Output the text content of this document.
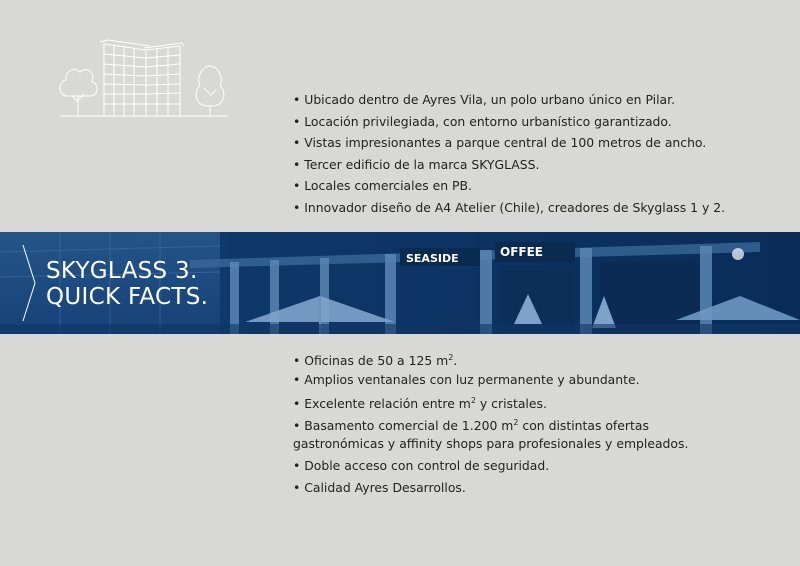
• Ubicado dentro de Ayres Vila, un polo urbano único en Pilar.
• Locación privilegiada, con entorno urbanístico garantizado.
• Vistas impresionantes a parque central de 100 metros de ancho.
• Tercer edificio de la marca SKYGLASS.
• Locales comerciales en PB.
• Innovador diseño de A4 Atelier (Chile), creadores de Skyglass 1 y 2.
SEASIDE	OFFEE
SKYGLASS 3.
QUICK FACTS.
• Oficinas de 50 a 125 $m^2$.
• Amplios ventanales con luz permanente y abundante.
• Excelente relación entre $m^2$ y cristales.
• Basamento comercial de 1.200 $m^2$ con distintas ofertas
gastronómicas y affinity shops para profesionales y empleados.
• Doble acceso con control de seguridad.
• Calidad Ayres Desarrollos.
